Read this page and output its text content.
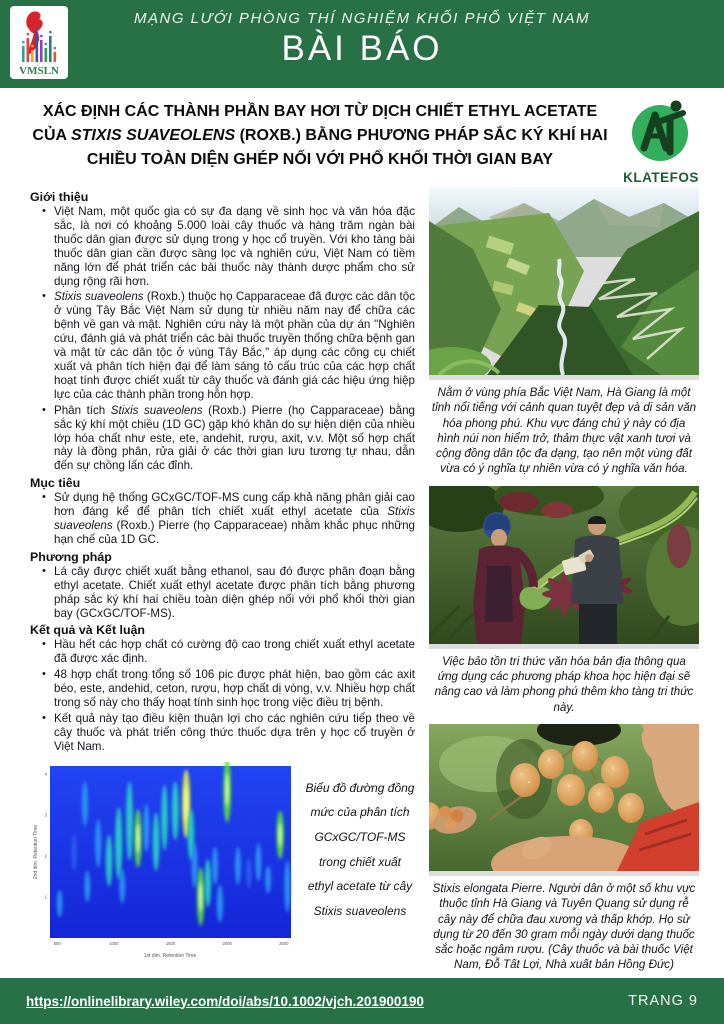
VMSLN
MẠNG LƯỚI PHÒNG THÍ NGHIỆM KHỐI PHỔ VIỆT NAM
BÀI BÁO
XÁC ĐỊNH CÁC THÀNH PHẦN BAY HƠI TỪ DỊCH CHIẾT ETHYL ACETATE CỦA STIXIS SUAVEOLENS (ROXB.) BẰNG PHƯƠNG PHÁP SẮC KÝ KHÍ HAI CHIỀU TOÀN DIỆN GHÉP NỐI VỚI PHỔ KHỐI THỜI GIAN BAY
KLATEFOS
Giới thiệu
• Việt Nam, một quốc gia có sự đa dạng về sinh học và văn hóa đặc sắc, là nơi có khoảng 5.000 loài cây thuốc và hàng trăm ngàn bài thuốc dân gian được sử dụng trong y học cổ truyền. Với kho tàng bài thuốc dân gian cần được sàng lọc và nghiên cứu, Việt Nam có tiềm năng lớn để phát triển các bài thuốc này thành dược phẩm cho sử dụng rộng rãi hơn.
• Stixis suaveolens (Roxb.) thuộc họ Capparaceae đã được các dân tộc ở vùng Tây Bắc Việt Nam sử dụng từ nhiều năm nay để chữa các bệnh về gan và mật. Nghiên cứu này là một phần của dự án "Nghiên cứu, đánh giá và phát triển các bài thuốc truyền thống chữa bệnh gan và mật từ các dân tộc ở vùng Tây Bắc," áp dụng các công cụ chiết xuất và phân tích hiện đại để làm sáng tỏ cấu trúc của các hợp chất hoạt tính được chiết xuất từ cây thuốc và đánh giá các hiệu ứng hiệp lực của các thành phần trong hỗn hợp.
• Phân tích Stixis suaveolens (Roxb.) Pierre (họ Capparaceae) bằng sắc ký khí một chiều (1D GC) gặp khó khăn do sự hiện diện của nhiều lớp hóa chất như este, ete, andehit, rượu, axit, v.v. Một số hợp chất này là đồng phân, rửa giải ở các thời gian lưu tương tự nhau, dẫn đến sự chồng lấn các đỉnh.
Mục tiêu
• Sử dụng hệ thống GCxGC/TOF-MS cung cấp khả năng phân giải cao hơn đáng kể để phân tích chiết xuất ethyl acetate của Stixis suaveolens (Roxb.) Pierre (họ Capparaceae) nhằm khắc phục những hạn chế của 1D GC.
Phương pháp
• Lá cây được chiết xuất bằng ethanol, sau đó được phân đoạn bằng ethyl acetate. Chiết xuất ethyl acetate được phân tích bằng phương pháp sắc ký khí hai chiều toàn diện ghép nối với phổ khối thời gian bay (GCxGC/TOF-MS).
Kết quả và Kết luận
• Hầu hết các hợp chất có cường độ cao trong chiết xuất ethyl acetate đã được xác định.
• 48 hợp chất trong tổng số 106 pic được phát hiện, bao gồm các axit béo, este, andehid, ceton, rượu, hợp chất dị vòng, v.v. Nhiều hợp chất trong số này cho thấy hoạt tính sinh học trong việc điều trị bệnh.
• Kết quả này tạo điều kiện thuận lợi cho các nghiên cứu tiếp theo về cây thuốc và phát triển công thức thuốc dựa trên y học cổ truyền ở Việt Nam.
500	1000	1500	2000	2500
1
2
3
4
1st dim. Retention Time
2nd dim. Retention Time
Biểu đồ đường đồng mức của phân tích GCxGC/TOF-MS trong chiết xuất ethyl acetate từ cây Stixis suaveolens
Nằm ở vùng phía Bắc Việt Nam, Hà Giang là một tỉnh nổi tiếng với cảnh quan tuyệt đẹp và di sản văn hóa phong phú. Khu vực đáng chú ý này có địa hình núi non hiểm trở, thảm thực vật xanh tươi và cộng đồng dân tộc đa dạng, tạo nên một vùng đất vừa có ý nghĩa tự nhiên vừa có ý nghĩa văn hóa.
Việc bảo tồn tri thức văn hóa bản địa thông qua ứng dụng các phương pháp khoa học hiện đại sẽ nâng cao và làm phong phú thêm kho tàng tri thức này.
Stixis elongata Pierre. Người dân ở một số khu vực thuộc tỉnh Hà Giang và Tuyên Quang sử dụng rễ cây này để chữa đau xương và thấp khớp. Họ sử dụng từ 20 đến 30 gram mỗi ngày dưới dạng thuốc sắc hoặc ngâm rượu. (Cây thuốc và bài thuốc Việt Nam, Đỗ Tất Lợi, Nhà xuất bản Hồng Đức)
https://onlinelibrary.wiley.com/doi/abs/10.1002/vjch.201900190	TRANG 9
